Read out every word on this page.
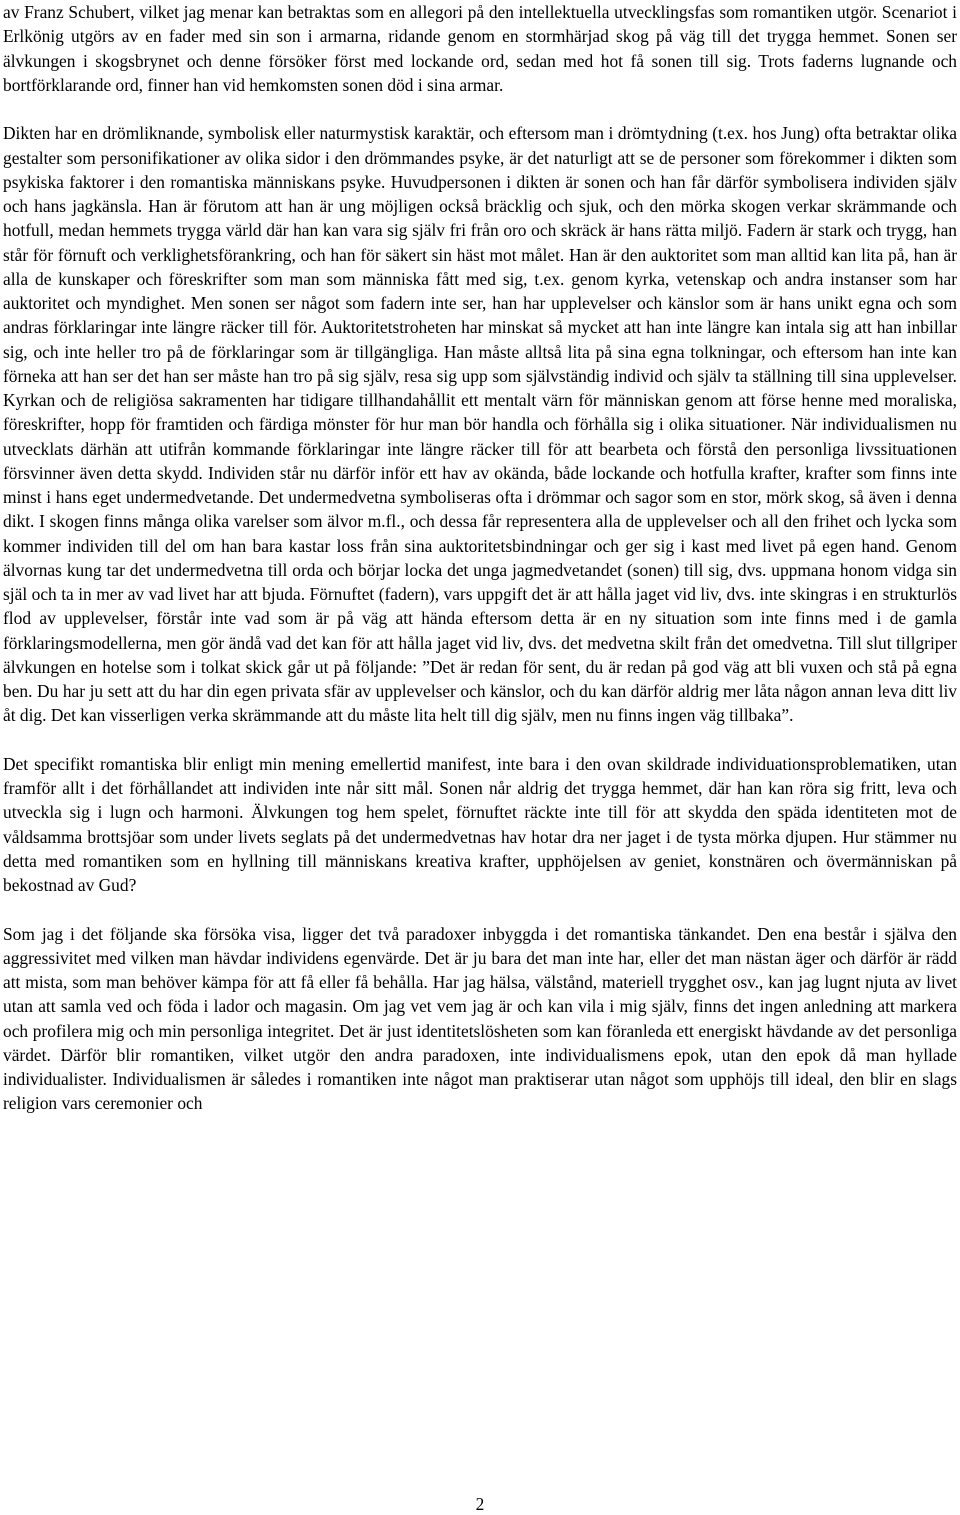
av Franz Schubert, vilket jag menar kan betraktas som en allegori på den intellektuella utvecklingsfas som romantiken utgör. Scenariot i Erlkönig utgörs av en fader med sin son i armarna, ridande genom en stormhärjad skog på väg till det trygga hemmet. Sonen ser älvkungen i skogsbrynet och denne försöker först med lockande ord, sedan med hot få sonen till sig. Trots faderns lugnande och bortförklarande ord, finner han vid hemkomsten sonen död i sina armar.

Dikten har en drömliknande, symbolisk eller naturmystisk karaktär, och eftersom man i drömtydning (t.ex. hos Jung) ofta betraktar olika gestalter som personifikationer av olika sidor i den drömmandes psyke, är det naturligt att se de personer som förekommer i dikten som psykiska faktorer i den romantiska människans psyke. Huvudpersonen i dikten är sonen och han får därför symbolisera individen själv och hans jagkänsla. Han är förutom att han är ung möjligen också bräcklig och sjuk, och den mörka skogen verkar skrämmande och hotfull, medan hemmets trygga värld där han kan vara sig själv fri från oro och skräck är hans rätta miljö. Fadern är stark och trygg, han står för förnuft och verklighetsförankring, och han för säkert sin häst mot målet. Han är den auktoritet som man alltid kan lita på, han är alla de kunskaper och föreskrifter som man som människa fått med sig, t.ex. genom kyrka, vetenskap och andra instanser som har auktoritet och myndighet. Men sonen ser något som fadern inte ser, han har upplevelser och känslor som är hans unikt egna och som andras förklaringar inte längre räcker till för. Auktoritetstroheten har minskat så mycket att han inte längre kan intala sig att han inbillar sig, och inte heller tro på de förklaringar som är tillgängliga. Han måste alltså lita på sina egna tolkningar, och eftersom han inte kan förneka att han ser det han ser måste han tro på sig själv, resa sig upp som självständig individ och själv ta ställning till sina upplevelser. Kyrkan och de religiösa sakramenten har tidigare tillhandahållit ett mentalt värn för människan genom att förse henne med moraliska, föreskrifter, hopp för framtiden och färdiga mönster för hur man bör handla och förhålla sig i olika situationer. När individualismen nu utvecklats därhän att utifrån kommande förklaringar inte längre räcker till för att bearbeta och förstå den personliga livssituationen försvinner även detta skydd. Individen står nu därför inför ett hav av okända, både lockande och hotfulla krafter, krafter som finns inte minst i hans eget undermedvetande. Det undermedvetna symboliseras ofta i drömmar och sagor som en stor, mörk skog, så även i denna dikt. I skogen finns många olika varelser som älvor m.fl., och dessa får representera alla de upplevelser och all den frihet och lycka som kommer individen till del om han bara kastar loss från sina auktoritetsbindningar och ger sig i kast med livet på egen hand. Genom älvornas kung tar det undermedvetna till orda och börjar locka det unga jagmedvetandet (sonen) till sig, dvs. uppmana honom vidga sin själ och ta in mer av vad livet har att bjuda. Förnuftet (fadern), vars uppgift det är att hålla jaget vid liv, dvs. inte skingras i en strukturlös flod av upplevelser, förstår inte vad som är på väg att hända eftersom detta är en ny situation som inte finns med i de gamla förklaringsmodellerna, men gör ändå vad det kan för att hålla jaget vid liv, dvs. det medvetna skilt från det omedvetna. Till slut tillgriper älvkungen en hotelse som i tolkat skick går ut på följande: ”Det är redan för sent, du är redan på god väg att bli vuxen och stå på egna ben. Du har ju sett att du har din egen privata sfär av upplevelser och känslor, och du kan därför aldrig mer låta någon annan leva ditt liv åt dig. Det kan visserligen verka skrämmande att du måste lita helt till dig själv, men nu finns ingen väg tillbaka”.

Det specifikt romantiska blir enligt min mening emellertid manifest, inte bara i den ovan skildrade individuationsproblematiken, utan framför allt i det förhållandet att individen inte når sitt mål. Sonen når aldrig det trygga hemmet, där han kan röra sig fritt, leva och utveckla sig i lugn och harmoni. Älvkungen tog hem spelet, förnuftet räckte inte till för att skydda den späda identiteten mot de våldsamma brottsjöar som under livets seglats på det undermedvetnas hav hotar dra ner jaget i de tysta mörka djupen. Hur stämmer nu detta med romantiken som en hyllning till människans kreativa krafter, upphöjelsen av geniet, konstnären och övermänniskan på bekostnad av Gud?

Som jag i det följande ska försöka visa, ligger det två paradoxer inbyggda i det romantiska tänkandet. Den ena består i själva den aggressivitet med vilken man hävdar individens egenvärde. Det är ju bara det man inte har, eller det man nästan äger och därför är rädd att mista, som man behöver kämpa för att få eller få behålla. Har jag hälsa, välstånd, materiell trygghet osv., kan jag lugnt njuta av livet utan att samla ved och föda i lador och magasin. Om jag vet vem jag är och kan vila i mig själv, finns det ingen anledning att markera och profilera mig och min personliga integritet. Det är just identitetslösheten som kan föranleda ett energiskt hävdande av det personliga värdet. Därför blir romantiken, vilket utgör den andra paradoxen, inte individualismens epok, utan den epok då man hyllade individualister. Individualismen är således i romantiken inte något man praktiserar utan något som upphöjs till ideal, den blir en slags religion vars ceremonier och

2
